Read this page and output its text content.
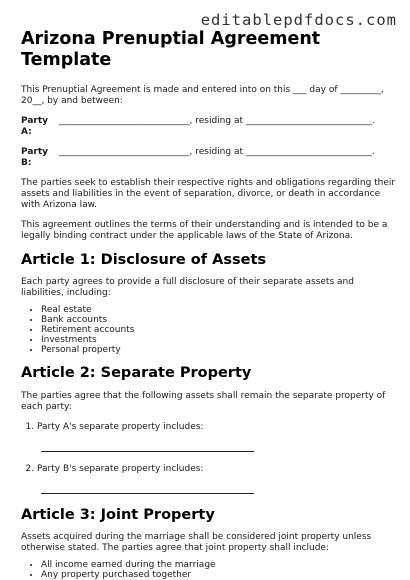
editablepdfdocs.com
Arizona Prenuptial Agreement Template

This Prenuptial Agreement is made and entered into on this ___ day of _________, 20__, by and between:

Party A:
_____________________________, residing at ____________________________.
Party B:
_____________________________, residing at ____________________________.

The parties seek to establish their respective rights and obligations regarding their assets and liabilities in the event of separation, divorce, or death in accordance with Arizona law.

This agreement outlines the terms of their understanding and is intended to be a legally binding contract under the applicable laws of the State of Arizona.

Article 1: Disclosure of Assets

Each party agrees to provide a full disclosure of their separate assets and liabilities, including:

• Real estate
• Bank accounts
• Retirement accounts
• Investments
• Personal property
Article 2: Separate Property

The parties agree that the following assets shall remain the separate property of each party:

1. Party A's separate property includes:
2. Party B's separate property includes:
Article 3: Joint Property

Assets acquired during the marriage shall be considered joint property unless otherwise stated. The parties agree that joint property shall include:

• All income earned during the marriage
• Any property purchased together
